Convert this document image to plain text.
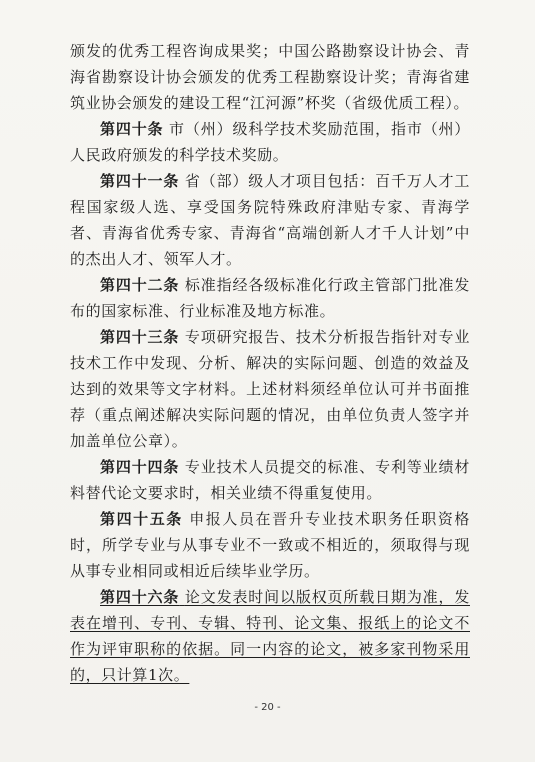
颁发的优秀工程咨询成果奖；中国公路勘察设计协会、青海省勘察设计协会颁发的优秀工程勘察设计奖；青海省建筑业协会颁发的建设工程“江河源”杯奖（省级优质工程）。

第四十条 市（州）级科学技术奖励范围，指市（州）人民政府颁发的科学技术奖励。

第四十一条 省（部）级人才项目包括：百千万人才工程国家级人选、享受国务院特殊政府津贴专家、青海学者、青海省优秀专家、青海省“高端创新人才千人计划”中的杰出人才、领军人才。

第四十二条 标准指经各级标准化行政主管部门批准发布的国家标准、行业标准及地方标准。

第四十三条 专项研究报告、技术分析报告指针对专业技术工作中发现、分析、解决的实际问题、创造的效益及达到的效果等文字材料。上述材料须经单位认可并书面推荐（重点阐述解决实际问题的情况，由单位负责人签字并加盖单位公章）。

第四十四条 专业技术人员提交的标准、专利等业绩材料替代论文要求时，相关业绩不得重复使用。

第四十五条 申报人员在晋升专业技术职务任职资格时，所学专业与从事专业不一致或不相近的，须取得与现从事专业相同或相近后续毕业学历。

第四十六条 论文发表时间以版权页所载日期为准，发表在增刊、专刊、专辑、特刊、论文集、报纸上的论文不作为评审职称的依据。同一内容的论文，被多家刊物采用的，只计算1次。

- 20 -
